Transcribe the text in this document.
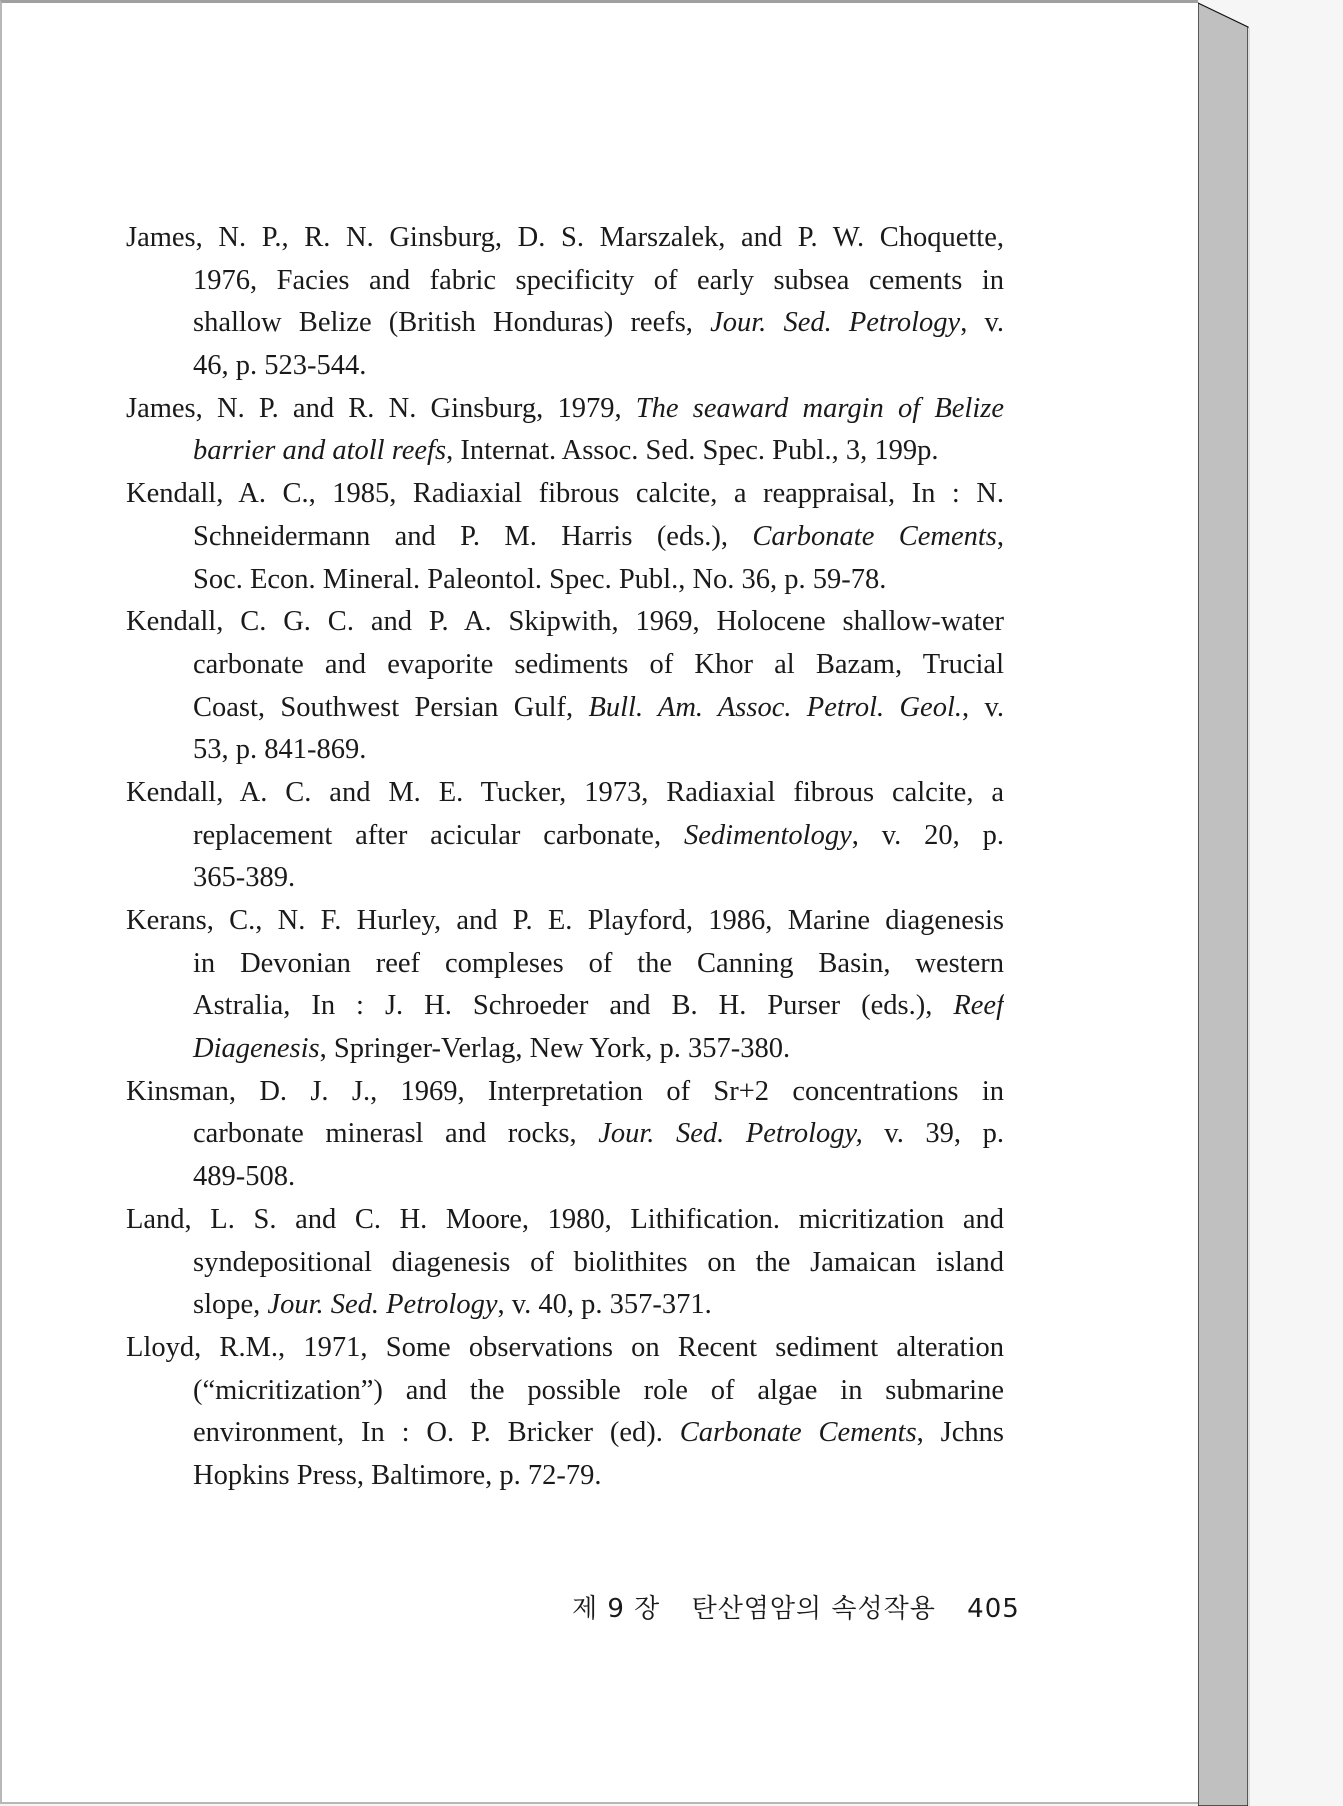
James, N. P., R. N. Ginsburg, D. S. Marszalek, and P. W. Choquette,
1976, Facies and fabric specificity of early subsea cements in
shallow Belize (British Honduras) reefs, Jour. Sed. Petrology, v.
46, p. 523-544.
James, N. P. and R. N. Ginsburg, 1979, The seaward margin of Belize
barrier and atoll reefs, Internat. Assoc. Sed. Spec. Publ., 3, 199p.
Kendall, A. C., 1985, Radiaxial fibrous calcite, a reappraisal, In : N.
Schneidermann and P. M. Harris (eds.), Carbonate Cements,
Soc. Econ. Mineral. Paleontol. Spec. Publ., No. 36, p. 59-78.
Kendall, C. G. C. and P. A. Skipwith, 1969, Holocene shallow-water
carbonate and evaporite sediments of Khor al Bazam, Trucial
Coast, Southwest Persian Gulf, Bull. Am. Assoc. Petrol. Geol., v.
53, p. 841-869.
Kendall, A. C. and M. E. Tucker, 1973, Radiaxial fibrous calcite, a
replacement after acicular carbonate, Sedimentology, v. 20, p.
365-389.
Kerans, C., N. F. Hurley, and P. E. Playford, 1986, Marine diagenesis
in Devonian reef compleses of the Canning Basin, western
Astralia, In : J. H. Schroeder and B. H. Purser (eds.), Reef
Diagenesis, Springer-Verlag, New York, p. 357-380.
Kinsman, D. J. J., 1969, Interpretation of Sr+2 concentrations in
carbonate minerasl and rocks, Jour. Sed. Petrology, v. 39, p.
489-508.
Land, L. S. and C. H. Moore, 1980, Lithification. micritization and
syndepositional diagenesis of biolithites on the Jamaican island
slope, Jour. Sed. Petrology, v. 40, p. 357-371.
Lloyd, R.M., 1971, Some observations on Recent sediment alteration
(“micritization”) and the possible role of algae in submarine
environment, In : O. P. Bricker (ed). Carbonate Cements, Jchns
Hopkins Press, Baltimore, p. 72-79.
제 9 장 탄산염암의 속성작용 405
